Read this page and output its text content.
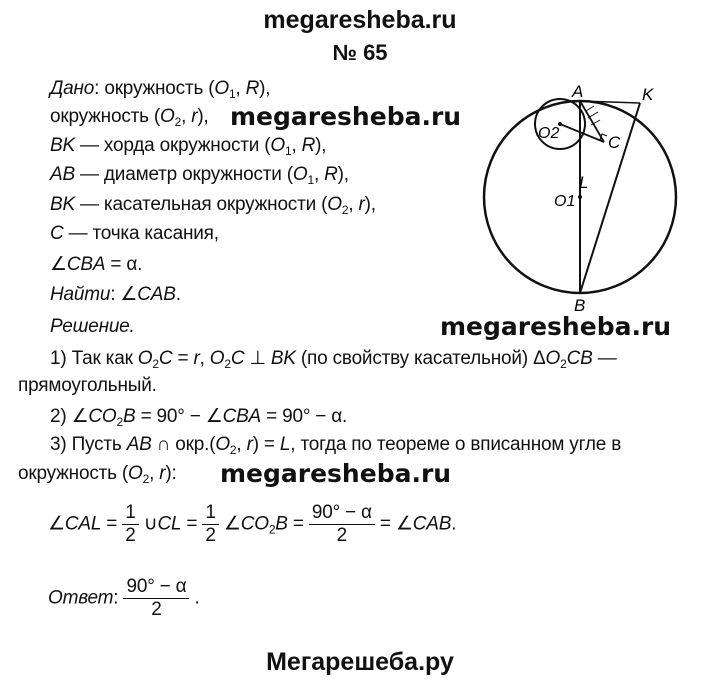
megaresheba.ru
№ 65
Дано: окружность ($O_1$, R),
окружность ($O_2$, r), megaresheba.ru
BK — хорда окружности ($O_1$, R),
AB — диаметр окружности ($O_1$, R),
BK — касательная окружности ($O_2$, r),
C — точка касания,
∠CBA = α.
Найти: ∠CAB.
A	K
C
O2
L
O1
B
Решение.	megaresheba.ru
1) Так как $O_2C = r$, $O_2C$ ⊥ BK (по свойству касательной) $\Delta O_2CB$ —
прямоугольный.
2) $\angle CO_2B = 90^\circ$ − ∠CBA = 90° − α.
3) Пусть AB ∩ $окр.(O_2$, r) = L, тогда по теореме о вписанном угле в
окружность ($O_2$, r): megaresheba.ru
∠CAL = $\frac{1}{2}$ ∪CL = $\frac{1}{2}$ $\angle CO_2B = \frac{90^\circ - \alpha}{2}$ = ∠CAB.
Ответ: $\frac{90^\circ - \alpha}{2}$ .
Мегарешеба.ру
